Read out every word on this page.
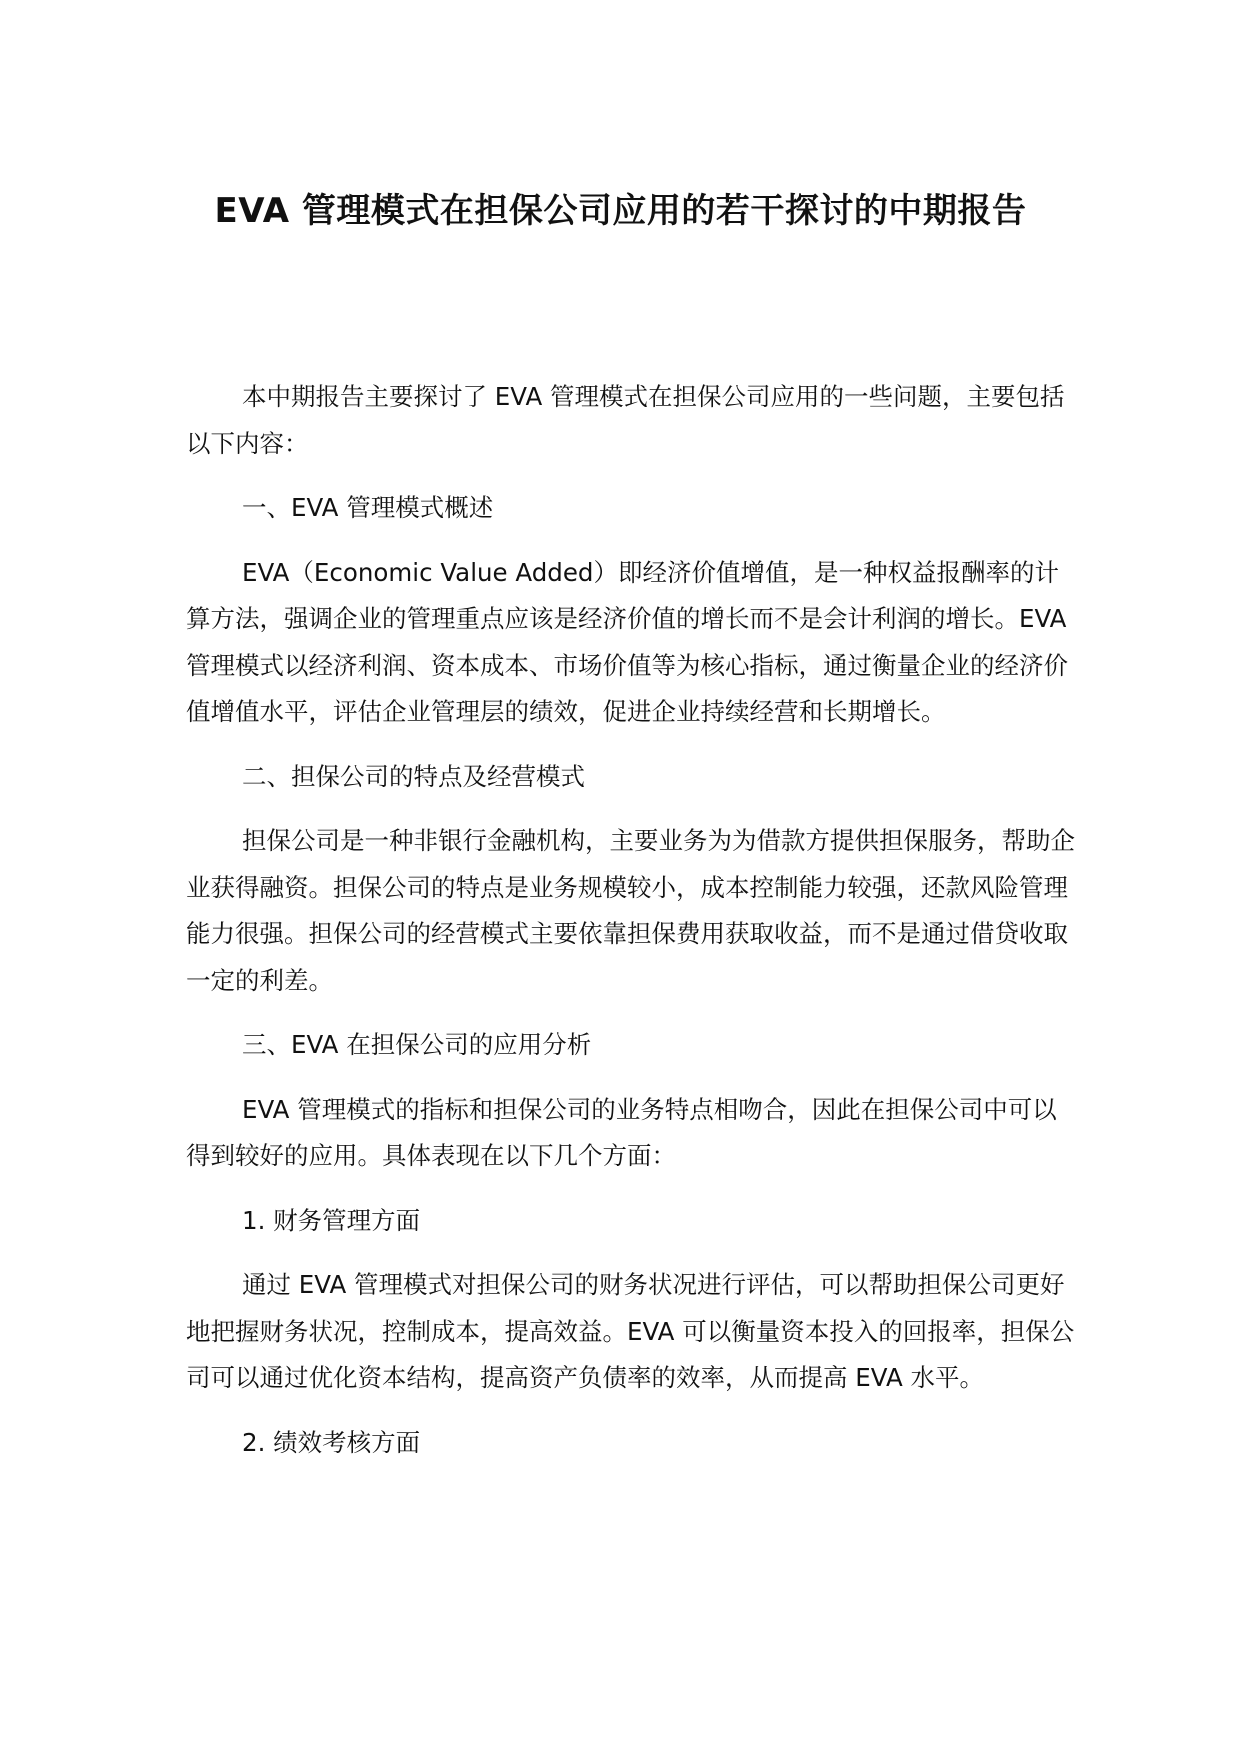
EVA 管理模式在担保公司应用的若干探讨的中期报告

本中期报告主要探讨了 EVA 管理模式在担保公司应用的一些问题，主要包括以下内容：

一、EVA 管理模式概述

EVA（Economic Value Added）即经济价值增值，是一种权益报酬率的计算方法，强调企业的管理重点应该是经济价值的增长而不是会计利润的增长。EVA 管理模式以经济利润、资本成本、市场价值等为核心指标，通过衡量企业的经济价值增值水平，评估企业管理层的绩效，促进企业持续经营和长期增长。

二、担保公司的特点及经营模式

担保公司是一种非银行金融机构，主要业务为为借款方提供担保服务，帮助企业获得融资。担保公司的特点是业务规模较小，成本控制能力较强，还款风险管理能力很强。担保公司的经营模式主要依靠担保费用获取收益，而不是通过借贷收取一定的利差。

三、EVA 在担保公司的应用分析

EVA 管理模式的指标和担保公司的业务特点相吻合，因此在担保公司中可以得到较好的应用。具体表现在以下几个方面：

1. 财务管理方面

通过 EVA 管理模式对担保公司的财务状况进行评估，可以帮助担保公司更好地把握财务状况，控制成本，提高效益。EVA 可以衡量资本投入的回报率，担保公司可以通过优化资本结构，提高资产负债率的效率，从而提高 EVA 水平。

2. 绩效考核方面
